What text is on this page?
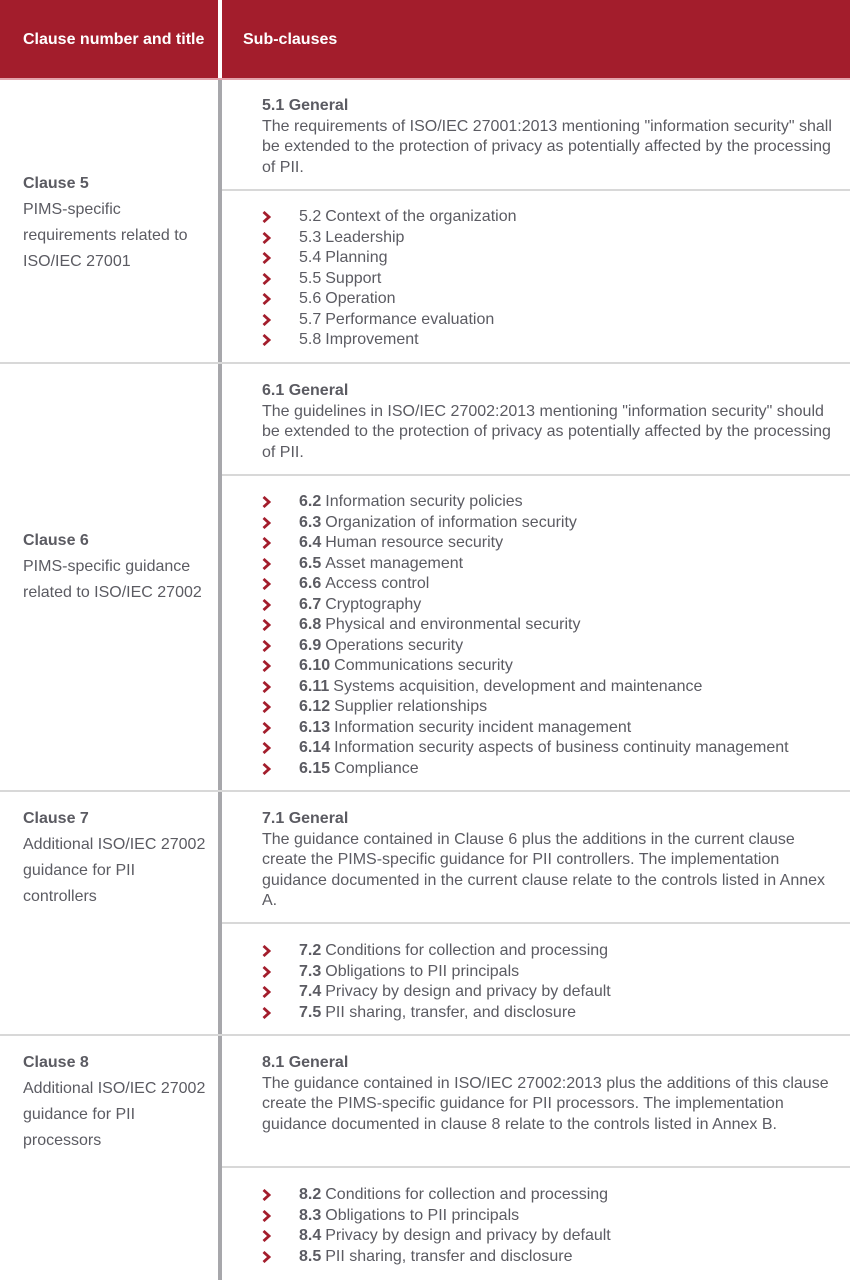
Clause number and title	Sub-clauses
Clause 5
PIMS-specific requirements related to ISO/IEC 27001
5.1 General
The requirements of ISO/IEC 27001:2013 mentioning "information security" shall be extended to the protection of privacy as potentially affected by the processing of PII.
5.2 Context of the organization
5.3 Leadership
5.4 Planning
5.5 Support
5.6 Operation
5.7 Performance evaluation
5.8 Improvement
Clause 6
PIMS-specific guidance related to ISO/IEC 27002
6.1 General
The guidelines in ISO/IEC 27002:2013 mentioning "information security" should be extended to the protection of privacy as potentially affected by the processing of PII.
6.2 Information security policies
6.3 Organization of information security
6.4 Human resource security
6.5 Asset management
6.6 Access control
6.7 Cryptography
6.8 Physical and environmental security
6.9 Operations security
6.10 Communications security
6.11 Systems acquisition, development and maintenance
6.12 Supplier relationships
6.13 Information security incident management
6.14 Information security aspects of business continuity management
6.15 Compliance
Clause 7
Additional ISO/IEC 27002 guidance for PII controllers
7.1 General
The guidance contained in Clause 6 plus the additions in the current clause create the PIMS-specific guidance for PII controllers. The implementation guidance documented in the current clause relate to the controls listed in Annex A.
7.2 Conditions for collection and processing
7.3 Obligations to PII principals
7.4 Privacy by design and privacy by default
7.5 PII sharing, transfer, and disclosure
Clause 8
Additional ISO/IEC 27002 guidance for PII processors
8.1 General
The guidance contained in ISO/IEC 27002:2013 plus the additions of this clause create the PIMS-specific guidance for PII processors. The implementation guidance documented in clause 8 relate to the controls listed in Annex B.
8.2 Conditions for collection and processing
8.3 Obligations to PII principals
8.4 Privacy by design and privacy by default
8.5 PII sharing, transfer and disclosure
